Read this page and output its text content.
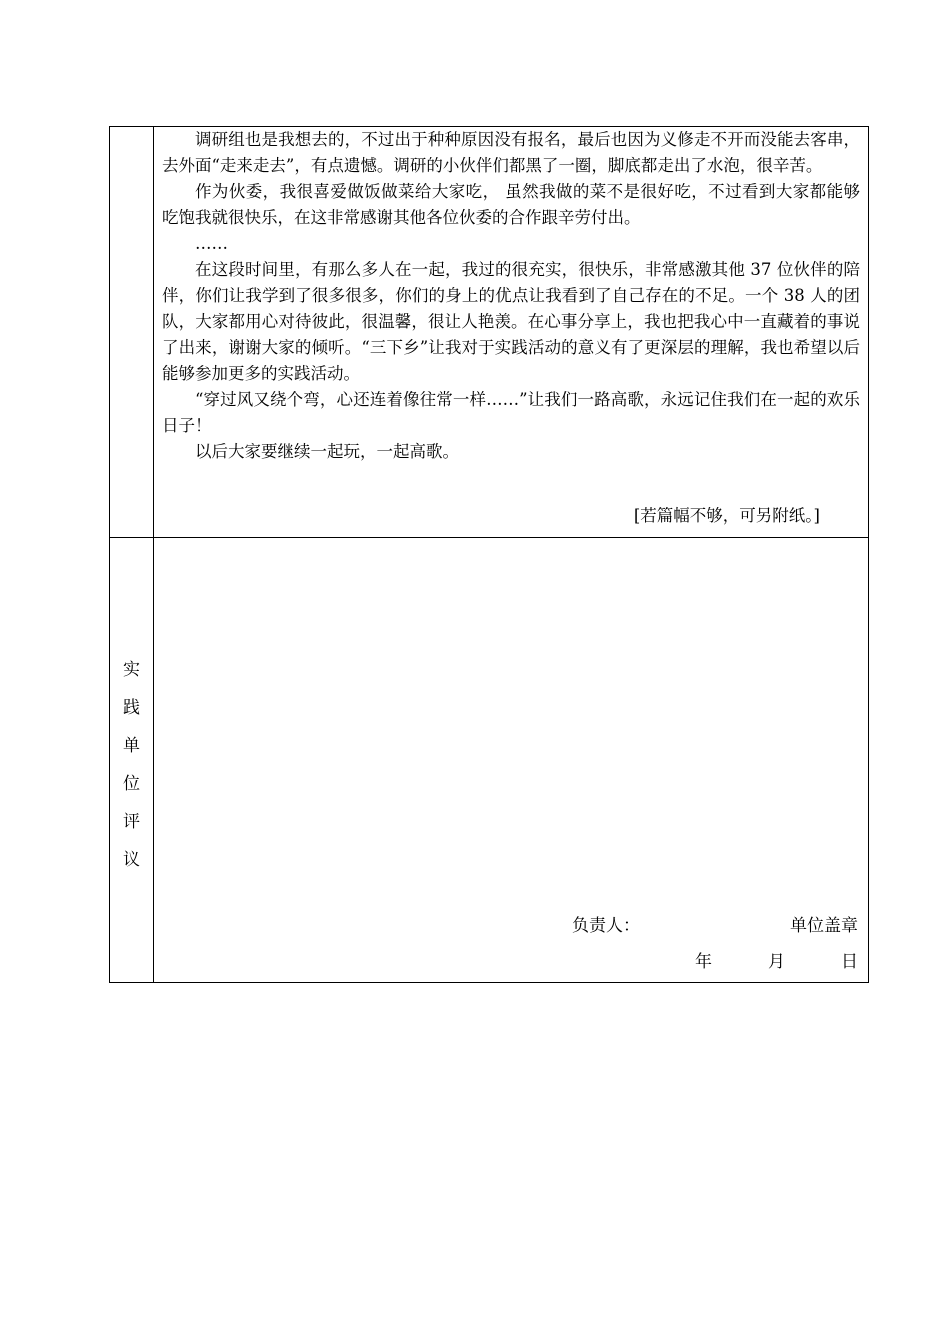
调研组也是我想去的，不过出于种种原因没有报名，最后也因为义修走不开而没能去客串，去外面“走来走去”，有点遗憾。调研的小伙伴们都黑了一圈，脚底都走出了水泡，很辛苦。

作为伙委，我很喜爱做饭做菜给大家吃， 虽然我做的菜不是很好吃，不过看到大家都能够吃饱我就很快乐，在这非常感谢其他各位伙委的合作跟辛劳付出。

……

在这段时间里，有那么多人在一起，我过的很充实，很快乐，非常感激其他 37 位伙伴的陪伴，你们让我学到了很多很多，你们的身上的优点让我看到了自己存在的不足。一个 38 人的团队，大家都用心对待彼此，很温馨，很让人艳羡。在心事分享上，我也把我心中一直藏着的事说了出来，谢谢大家的倾听。“三下乡”让我对于实践活动的意义有了更深层的理解，我也希望以后能够参加更多的实践活动。

“穿过风又绕个弯，心还连着像往常一样……”让我们一路高歌，永远记住我们在一起的欢乐日子！

以后大家要继续一起玩，一起高歌。

[若篇幅不够，可另附纸。]
实
践
单
位
评
议
负责人：	单位盖章
年	月	日
